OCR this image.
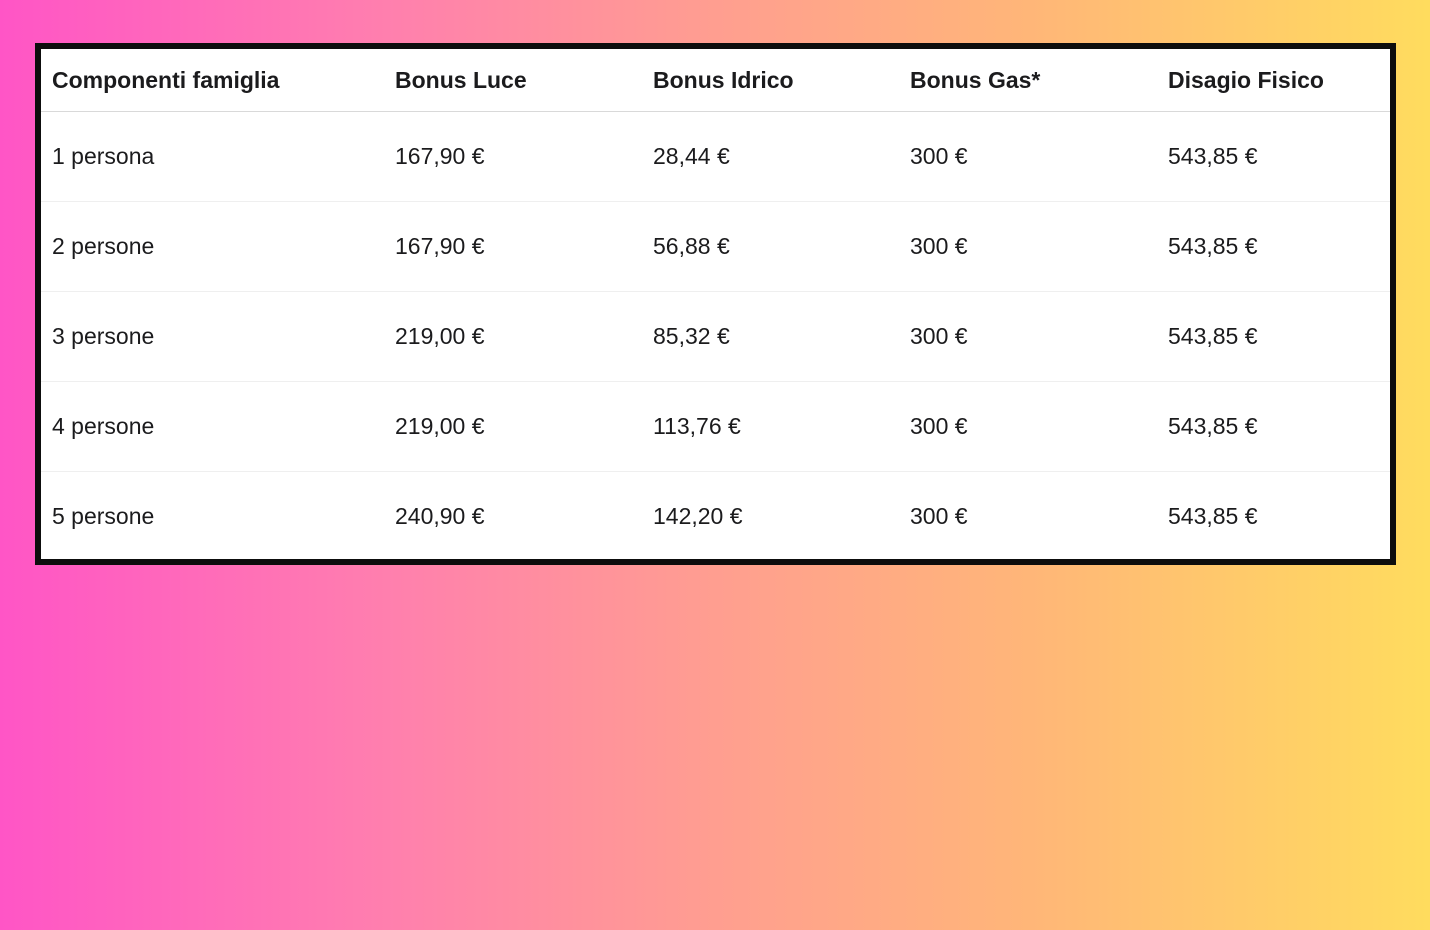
Componenti famiglia	Bonus Luce	Bonus Idrico	Bonus Gas*	Disagio Fisico
1 persona	167,90 €	28,44 €	300 €	543,85 €
2 persone	167,90 €	56,88 €	300 €	543,85 €
3 persone	219,00 €	85,32 €	300 €	543,85 €
4 persone	219,00 €	113,76 €	300 €	543,85 €
5 persone	240,90 €	142,20 €	300 €	543,85 €
